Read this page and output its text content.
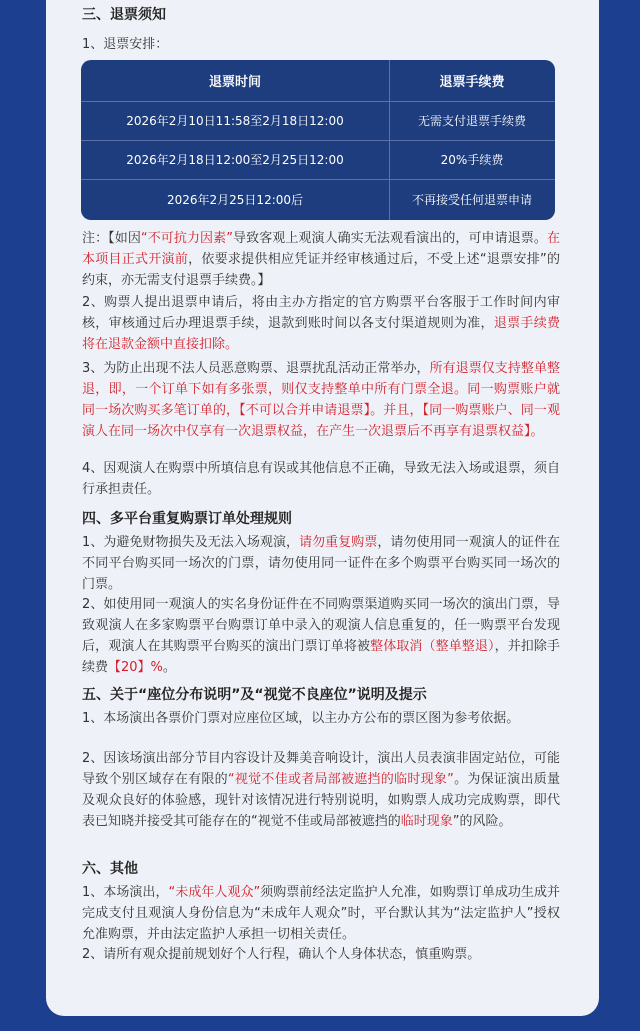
三、退票须知
1、退票安排：
退票时间	退票手续费
2026年2月10日11:58至2月18日12:00	无需支付退票手续费
2026年2月18日12:00至2月25日12:00	20%手续费
2026年2月25日12:00后	不再接受任何退票申请
注：【如因“不可抗力因素”导致客观上观演人确实无法观看演出的，可申请退票。在本项目正式开演前，依要求提供相应凭证并经审核通过后，不受上述“退票安排”的约束，亦无需支付退票手续费。】
2、购票人提出退票申请后，将由主办方指定的官方购票平台客服于工作时间内审核，审核通过后办理退票手续，退款到账时间以各支付渠道规则为准，退票手续费将在退款金额中直接扣除。
3、为防止出现不法人员恶意购票、退票扰乱活动正常举办，所有退票仅支持整单整退，即，一个订单下如有多张票，则仅支持整单中所有门票全退。同一购票账户就同一场次购买多笔订单的，【不可以合并申请退票】。并且，【同一购票账户、同一观演人在同一场次中仅享有一次退票权益，在产生一次退票后不再享有退票权益】。
4、因观演人在购票中所填信息有误或其他信息不正确，导致无法入场或退票，须自行承担责任。
四、多平台重复购票订单处理规则
1、为避免财物损失及无法入场观演，请勿重复购票，请勿使用同一观演人的证件在不同平台购买同一场次的门票，请勿使用同一证件在多个购票平台购买同一场次的门票。
2、如使用同一观演人的实名身份证件在不同购票渠道购买同一场次的演出门票，导致观演人在多家购票平台购票订单中录入的观演人信息重复的，任一购票平台发现后，观演人在其购票平台购买的演出门票订单将被整体取消（整单整退），并扣除手续费【20】%。
五、关于“座位分布说明”及“视觉不良座位”说明及提示
1、本场演出各票价门票对应座位区域，以主办方公布的票区图为参考依据。
2、因该场演出部分节目内容设计及舞美音响设计，演出人员表演非固定站位，可能导致个别区域存在有限的“视觉不佳或者局部被遮挡的临时现象”。为保证演出质量及观众良好的体验感，现针对该情况进行特别说明，如购票人成功完成购票，即代表已知晓并接受其可能存在的“视觉不佳或局部被遮挡的临时现象”的风险。
六、其他
1、本场演出，“未成年人观众”须购票前经法定监护人允准，如购票订单成功生成并完成支付且观演人身份信息为“未成年人观众”时，平台默认其为“法定监护人”授权允准购票，并由法定监护人承担一切相关责任。
2、请所有观众提前规划好个人行程，确认个人身体状态，慎重购票。
